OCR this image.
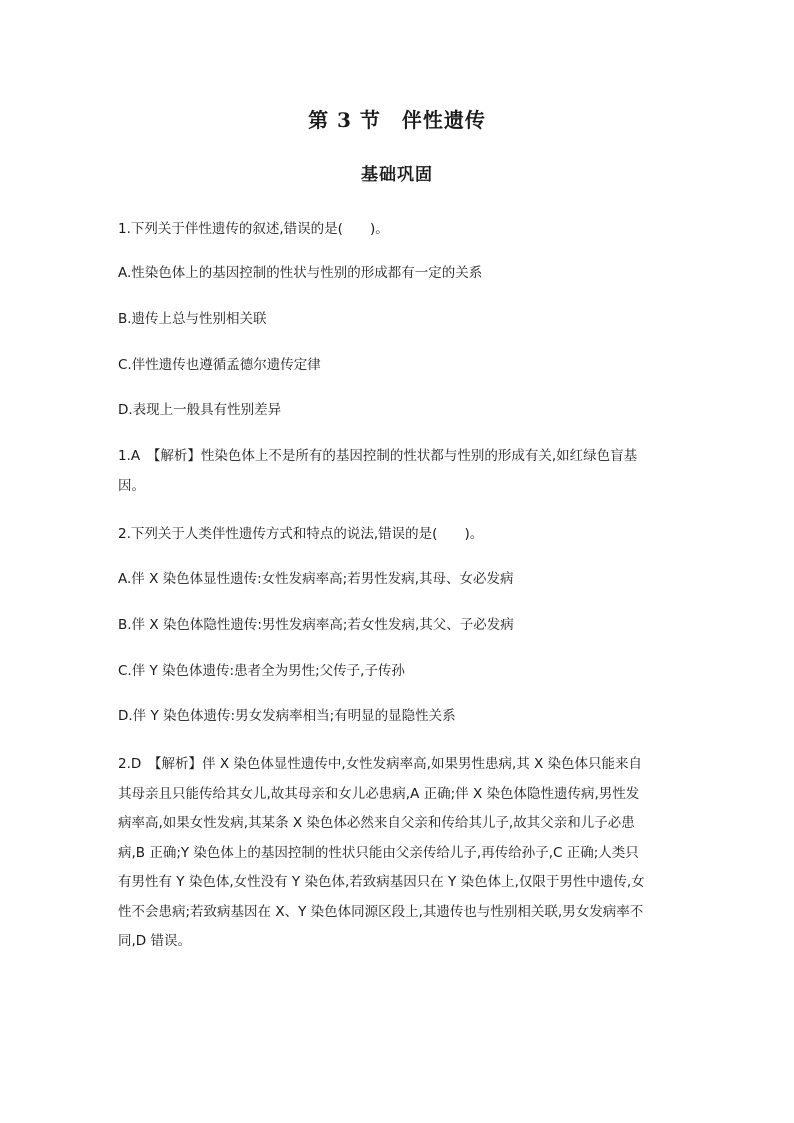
第 3 节　伴性遗传
基础巩固
1.下列关于伴性遗传的叙述,错误的是(　　)。
A.性染色体上的基因控制的性状与性别的形成都有一定的关系
B.遗传上总与性别相关联
C.伴性遗传也遵循孟德尔遗传定律
D.表现上一般具有性别差异
1.A　【解析】性染色体上不是所有的基因控制的性状都与性别的形成有关,如红绿色盲基
因。
2.下列关于人类伴性遗传方式和特点的说法,错误的是(　　)。
A.伴 X 染色体显性遗传:女性发病率高;若男性发病,其母、女必发病
B.伴 X 染色体隐性遗传:男性发病率高;若女性发病,其父、子必发病
C.伴 Y 染色体遗传:患者全为男性;父传子,子传孙
D.伴 Y 染色体遗传:男女发病率相当;有明显的显隐性关系
2.D　【解析】伴 X 染色体显性遗传中,女性发病率高,如果男性患病,其 X 染色体只能来自
其母亲且只能传给其女儿,故其母亲和女儿必患病,A 正确;伴 X 染色体隐性遗传病,男性发
病率高,如果女性发病,其某条 X 染色体必然来自父亲和传给其儿子,故其父亲和儿子必患
病,B 正确;Y 染色体上的基因控制的性状只能由父亲传给儿子,再传给孙子,C 正确;人类只
有男性有 Y 染色体,女性没有 Y 染色体,若致病基因只在 Y 染色体上,仅限于男性中遗传,女
性不会患病;若致病基因在 X、Y 染色体同源区段上,其遗传也与性别相关联,男女发病率不
同,D 错误。
